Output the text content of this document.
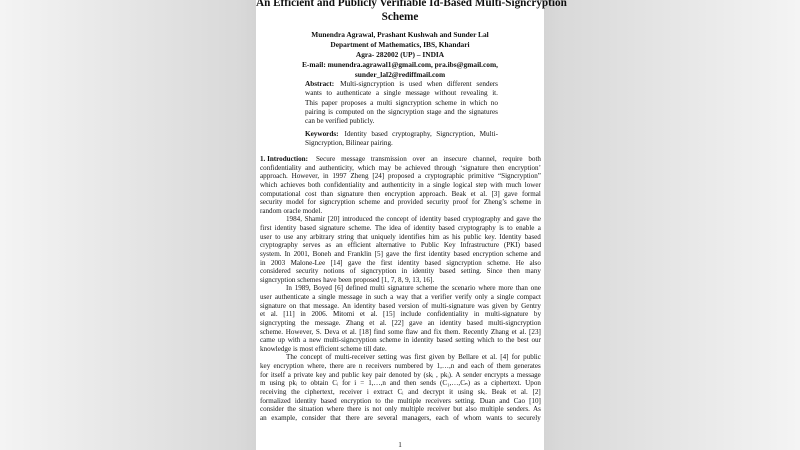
An Efficient and Publicly Verifiable Id-Based Multi-Signcryption
Scheme
Munendra Agrawal, Prashant Kushwah and Sunder Lal
Department of Mathematics, IBS, Khandari
Agra- 282002 (UP) – INDIA
E-mail: munendra.agrawal1@gmail.com, pra.ibs@gmail.com,
sunder_lal2@rediffmail.com
Abstract: Multi-signcryption is used when different senders
wants to authenticate a single message without revealing it.
This paper proposes a multi signcryption scheme in which no
pairing is computed on the signcryption stage and the signatures
can be verified publicly.
Keywords: Identity based cryptography, Signcryption, Multi-
Signcryption, Bilinear pairing.
1. Introduction: Secure message transmission over an insecure channel, require both
confidentiality and authenticity, which may be achieved through ‘signature then encryption’
approach. However, in 1997 Zheng [24] proposed a cryptographic primitive “Signcryption”
which achieves both confidentiality and authenticity in a single logical step with much lower
computational cost than signature then encryption approach. Beak et al. [3] gave formal
security model for signcryption scheme and provided security proof for Zheng’s scheme in
random oracle model.
1984, Shamir [20] introduced the concept of identity based cryptography and gave the
first identity based signature scheme. The idea of identity based cryptography is to enable a
user to use any arbitrary string that uniquely identifies him as his public key. Identity based
cryptography serves as an efficient alternative to Public Key Infrastructure (PKI) based
system. In 2001, Boneh and Franklin [5] gave the first identity based encryption scheme and
in 2003 Malone-Lee [14] gave the first identity based signcryption scheme. He also
considered security notions of signcryption in identity based setting. Since then many
signcryption schemes have been proposed [1, 7, 8, 9, 13, 16].
In 1989, Boyed [6] defined multi signature scheme the scenario where more than one
user authenticate a single message in such a way that a verifier verify only a single compact
signature on that message. An identity based version of multi-signature was given by Gentry
et al. [11] in 2006. Mitomi et al. [15] include confidentiality in multi-signature by
signcrypting the message. Zhang et al. [22] gave an identity based multi-signcryption
scheme. However, S. Deva et al. [18] find some flaw and fix them. Recently Zhang et al. [23]
came up with a new multi-signcryption scheme in identity based setting which to the best our
knowledge is most efficient scheme till date.
The concept of multi-receiver setting was first given by Bellare et al. [4] for public
key encryption where, there are n receivers numbered by 1,…,n and each of them generates
for itself a private key and public key pair denoted by (skᵢ , pkᵢ). A sender encrypts a message
m using pkᵢ to obtain Cᵢ for i = 1,…,n and then sends (C₁,…,Cₙ) as a ciphertext. Upon
receiving the ciphertext, receiver i extract Cᵢ and decrypt it using skᵢ. Beak et al. [2]
formalized identity based encryption to the multiple receivers setting. Duan and Cao [10]
consider the situation where there is not only multiple receiver but also multiple senders. As
an example, consider that there are several managers, each of whom wants to securely
1
